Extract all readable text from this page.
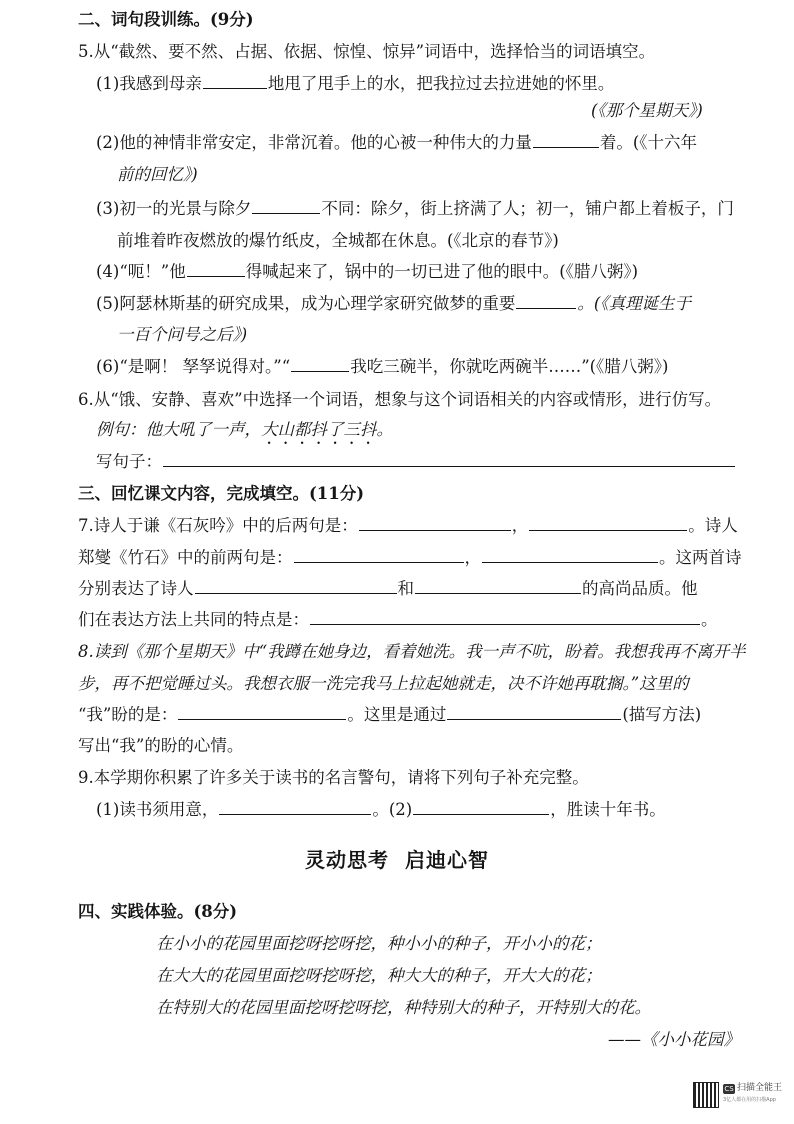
二、词句段训练。(9分)
5.从“截然、要不然、占据、依据、惊惶、惊异”词语中，选择恰当的词语填空。
(1)我感到母亲	地甩了甩手上的水，把我拉过去拉进她的怀里。
(《那个星期天》)
(2)他的神情非常安定，非常沉着。他的心被一种伟大的力量	着。(《十六年
前的回忆》)
(3)初一的光景与除夕	不同：除夕，街上挤满了人；初一，铺户都上着板子，门
前堆着昨夜燃放的爆竹纸皮，全城都在休息。(《北京的春节》)
(4)“呃！”他	得喊起来了，锅中的一切已进了他的眼中。(《腊八粥》)
(5)阿瑟林斯基的研究成果，成为心理学家研究做梦的重要	。(《真理诞生于
一百个问号之后》)
(6)“是啊！ 孥孥说得对。”“	我吃三碗半，你就吃两碗半……”(《腊八粥》)
6.从“饿、安静、喜欢”中选择一个词语，想象与这个词语相关的内容或情形，进行仿写。
例句：他大吼了一声，大山都抖了三抖。
写句子：
三、回忆课文内容，完成填空。(11分)
7.诗人于谦《石灰吟》中的后两句是：	，	。诗人
郑燮《竹石》中的前两句是：	，	。这两首诗
分别表达了诗人	和	的高尚品质。他
们在表达方法上共同的特点是：	。
8.读到《那个星期天》中“我蹲在她身边，看着她洗。我一声不吭，盼着。我想我再不离开半
步，再不把觉睡过头。我想衣服一洗完我马上拉起她就走，决不许她再耽搁。”这里的
“我”盼的是：	。这里是通过	(描写方法)
写出“我”的盼的心情。
9.本学期你积累了许多关于读书的名言警句，请将下列句子补充完整。
(1)读书须用意，	。(2)	，胜读十年书。
灵动思考 启迪心智
四、实践体验。(8分)
在小小的花园里面挖呀挖呀挖，种小小的种子，开小小的花；
在大大的花园里面挖呀挖呀挖，种大大的种子，开大大的花；
在特别大的花园里面挖呀挖呀挖，种特别大的种子，开特别大的花。
——《小小花园》
CS 扫描全能王
3亿人都在用的扫描App
